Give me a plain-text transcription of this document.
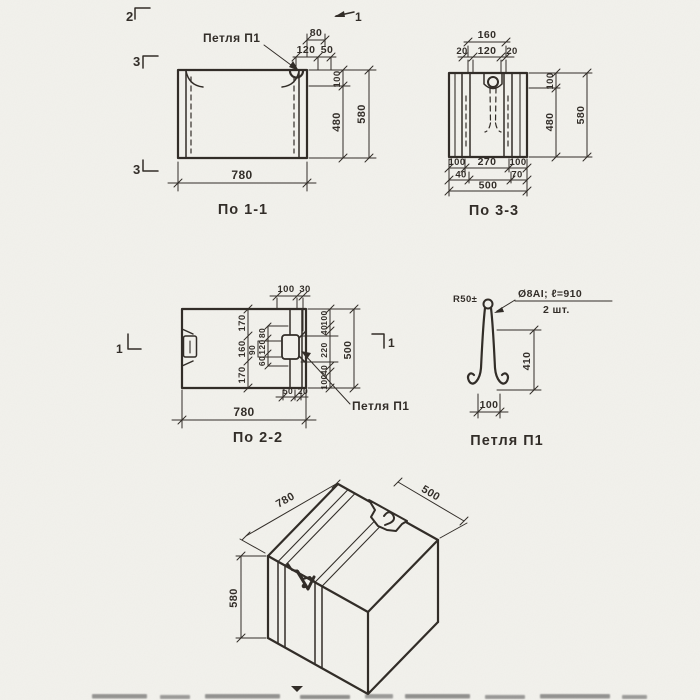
2
3
3
1
Петля П1	80
120 50
100
480 580
780
По 1-1
160
20 120 20
100
480 580
100 270 100
40	70
500
По 3-3
1	1
100 30
170
160
170
80
120
60
90
100
40
220
40
100
500
50 20
780	Петля П1
По 2-2
R50±	Ø8АI; ℓ=910
2 шт.
410
100
Петля П1
780	500
580
